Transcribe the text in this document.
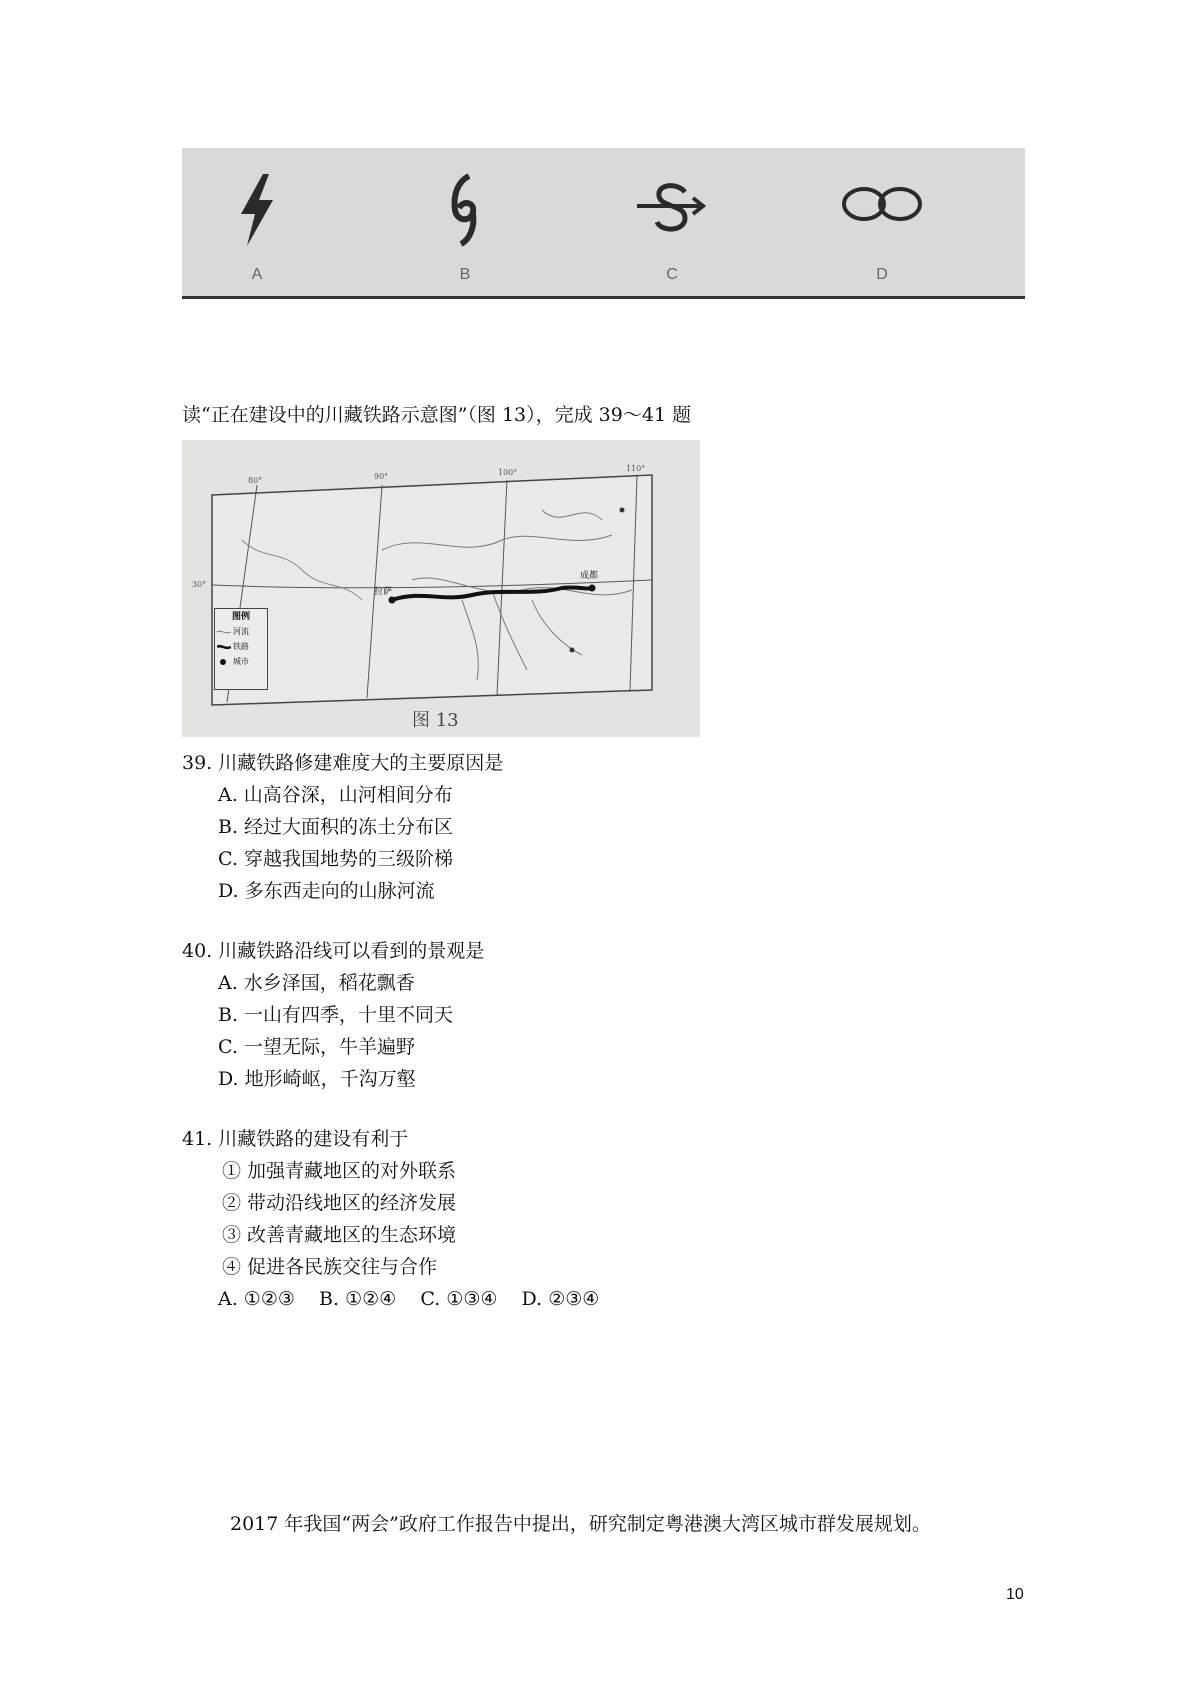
A	B	C	D
读“正在建设中的川藏铁路示意图”（图 13），完成 39～41 题
拉萨
成都
80°	90°	100°	110°
30°
图例
河流
铁路
城市
图 13
39. 川藏铁路修建难度大的主要原因是
A. 山高谷深，山河相间分布
B. 经过大面积的冻土分布区
C. 穿越我国地势的三级阶梯
D. 多东西走向的山脉河流
40. 川藏铁路沿线可以看到的景观是
A. 水乡泽国，稻花飘香
B. 一山有四季，十里不同天
C. 一望无际，牛羊遍野
D. 地形崎岖，千沟万壑
41. 川藏铁路的建设有利于
① 加强青藏地区的对外联系
② 带动沿线地区的经济发展
③ 改善青藏地区的生态环境
④ 促进各民族交往与合作
A. ①②③    B. ①②④    C. ①③④    D. ②③④
2017 年我国“两会”政府工作报告中提出，研究制定粤港澳大湾区城市群发展规划。
10
